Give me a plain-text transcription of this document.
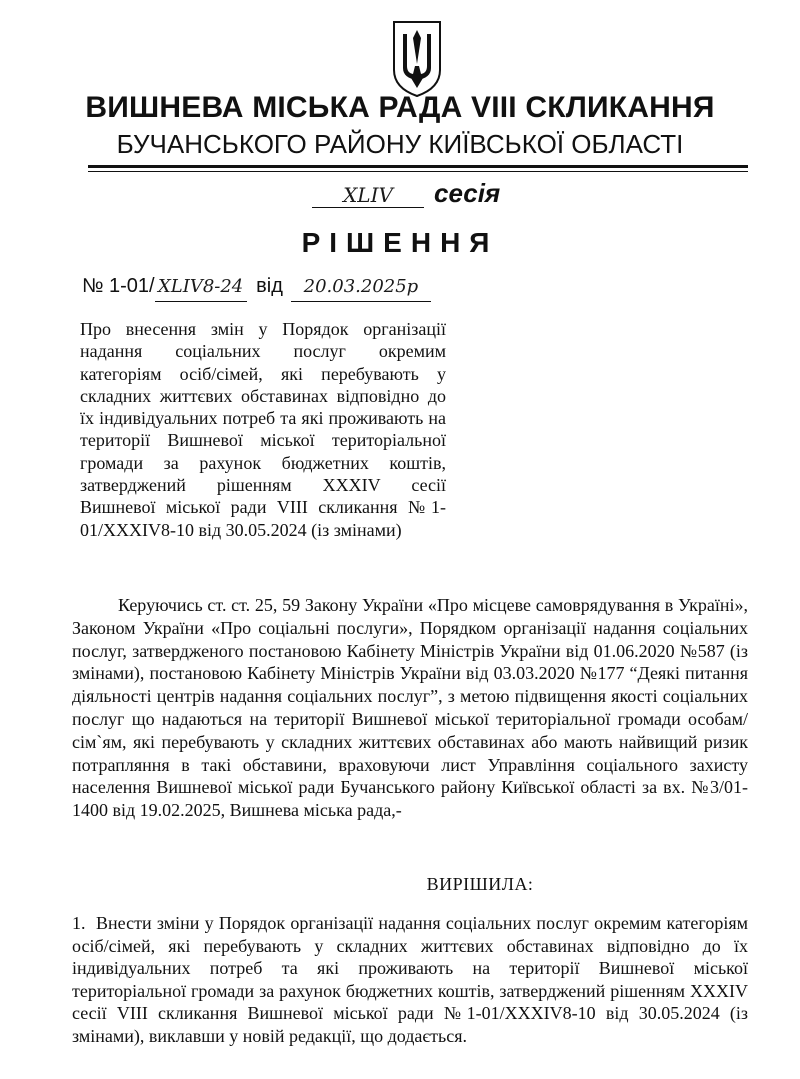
ВИШНЕВА МІСЬКА РАДА VIII СКЛИКАННЯ
БУЧАНСЬКОГО РАЙОНУ КИЇВСЬКОЇ ОБЛАСТІ
XLIV сесія
РІШЕННЯ
№ 1-01/ XLIV8-24 від 20.03.2025р
Про внесення змін у Порядок організації надання соціальних послуг окремим категоріям осіб/сімей, які перебувають у складних життєвих обставинах відповідно до їх індивідуальних потреб та які проживають на території Вишневої міської територіальної громади за рахунок бюджетних коштів, затверджений рішенням XXXIV сесії Вишневої міської ради VIII скликання №1-01/XXXIV8-10 від 30.05.2024 (із змінами)
Керуючись ст. ст. 25, 59 Закону України «Про місцеве самоврядування в Україні», Законом України «Про соціальні послуги», Порядком організації надання соціальних послуг, затвердженого постановою Кабінету Міністрів України від 01.06.2020 №587 (із змінами), постановою Кабінету Міністрів України від 03.03.2020 №177 “Деякі питання діяльності центрів надання соціальних послуг”, з метою підвищення якості соціальних послуг що надаються на території Вишневої міської територіальної громади особам/сім`ям, які перебувають у складних життєвих обставинах або мають найвищий ризик потрапляння в такі обставини, враховуючи лист Управління соціального захисту населення Вишневої міської ради Бучанського району Київської області за вх. №3/01-1400 від 19.02.2025, Вишнева міська рада,-
ВИРІШИЛА:
1. Внести зміни у Порядок організації надання соціальних послуг окремим категоріям осіб/сімей, які перебувають у складних життєвих обставинах відповідно до їх індивідуальних потреб та які проживають на території Вишневої міської територіальної громади за рахунок бюджетних коштів, затверджений рішенням XXXIV сесії VIII скликання Вишневої міської ради №1-01/XXXIV8-10 від 30.05.2024 (із змінами), виклавши у новій редакції, що додається.
